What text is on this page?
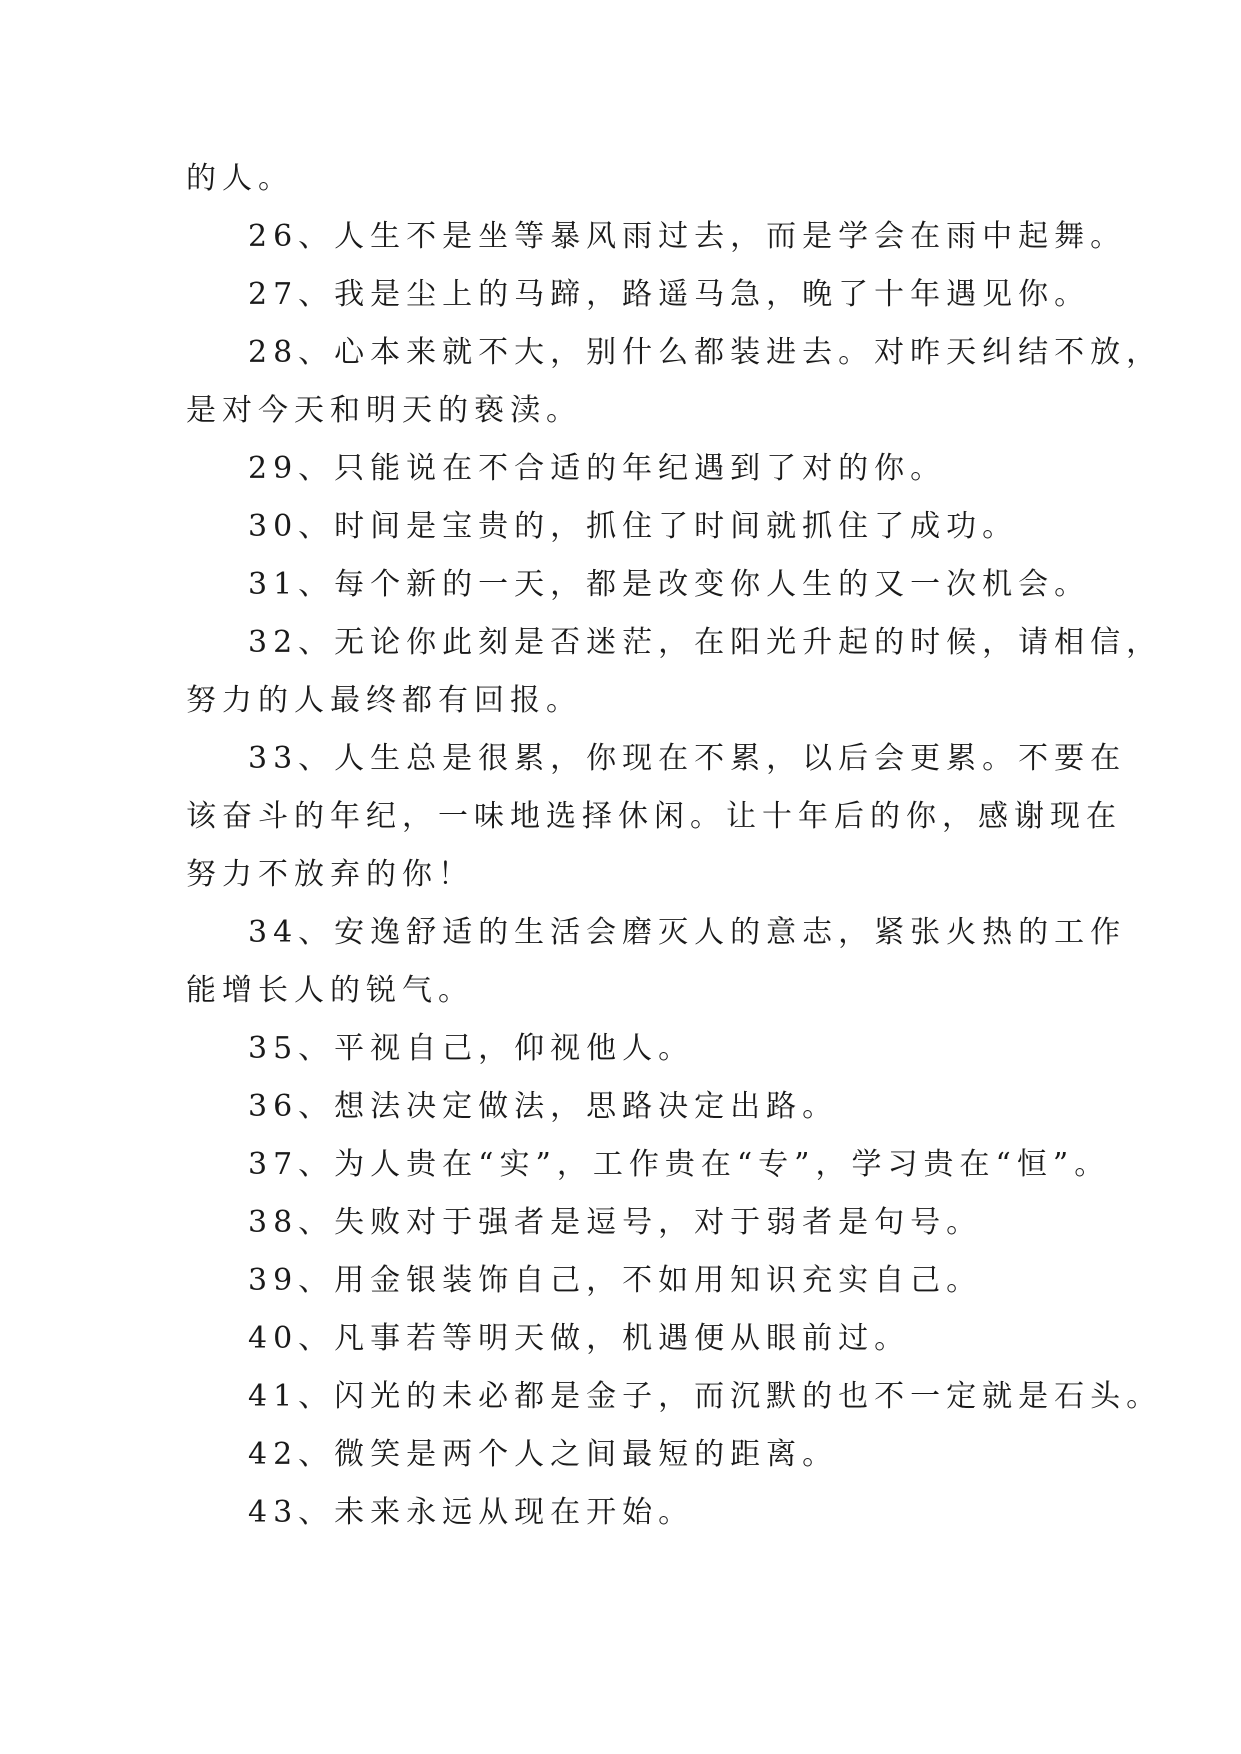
的人。

26、人生不是坐等暴风雨过去，而是学会在雨中起舞。

27、我是尘上的马蹄，路遥马急，晚了十年遇见你。

28、心本来就不大，别什么都装进去。对昨天纠结不放，

是对今天和明天的亵渎。

29、只能说在不合适的年纪遇到了对的你。

30、时间是宝贵的，抓住了时间就抓住了成功。

31、每个新的一天，都是改变你人生的又一次机会。

32、无论你此刻是否迷茫，在阳光升起的时候，请相信，

努力的人最终都有回报。

33、人生总是很累，你现在不累，以后会更累。不要在

该奋斗的年纪，一味地选择休闲。让十年后的你，感谢现在

努力不放弃的你！

34、安逸舒适的生活会磨灭人的意志，紧张火热的工作

能增长人的锐气。

35、平视自己，仰视他人。

36、想法决定做法，思路决定出路。

37、为人贵在“实”，工作贵在“专”，学习贵在“恒”。

38、失败对于强者是逗号，对于弱者是句号。

39、用金银装饰自己，不如用知识充实自己。

40、凡事若等明天做，机遇便从眼前过。

41、闪光的未必都是金子，而沉默的也不一定就是石头。

42、微笑是两个人之间最短的距离。

43、未来永远从现在开始。
